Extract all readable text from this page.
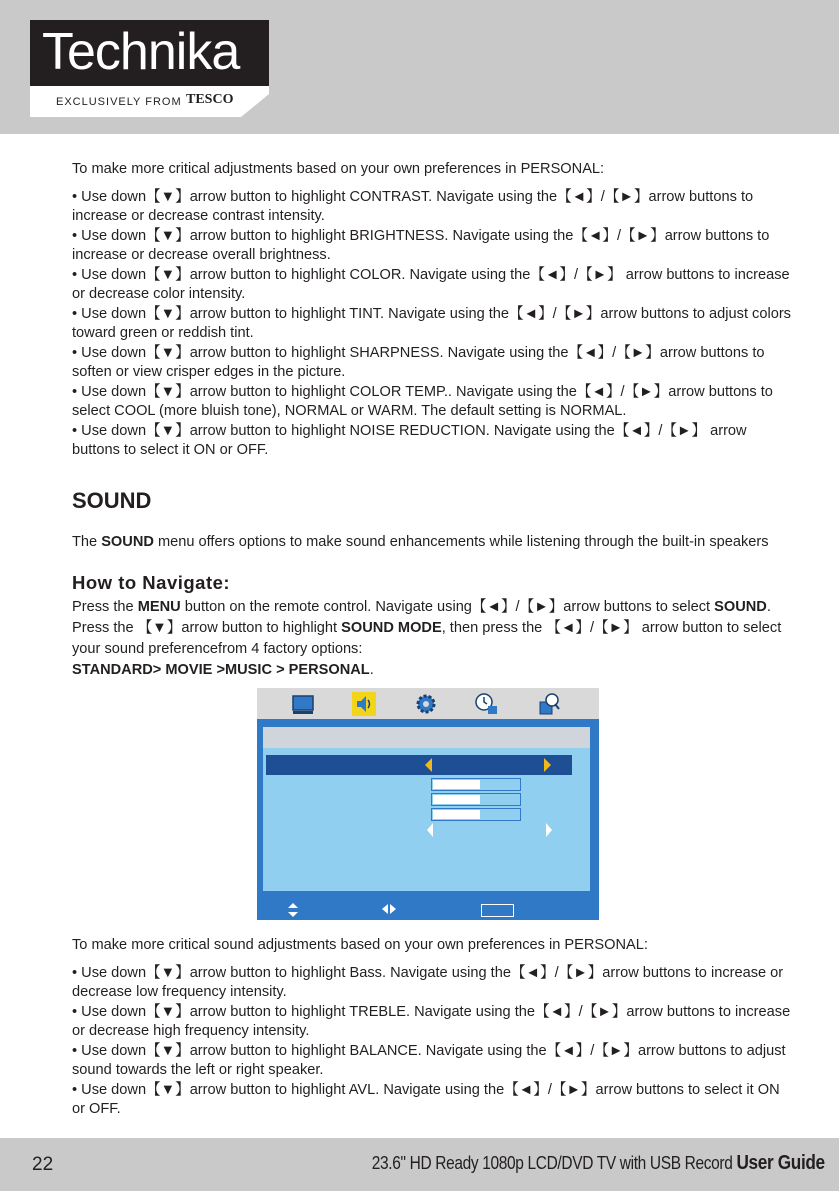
Technika
EXCLUSIVELY FROM TESCO

To make more critical adjustments based on your own preferences in PERSONAL:

• Use down【▼】arrow button to highlight CONTRAST. Navigate using the【◄】/【►】arrow buttons to increase or decrease contrast intensity.

• Use down【▼】arrow button to highlight BRIGHTNESS. Navigate using the【◄】/【►】arrow buttons to increase or decrease overall brightness.

• Use down【▼】arrow button to highlight COLOR. Navigate using the【◄】/【►】 arrow buttons to increase or decrease color intensity.

• Use down【▼】arrow button to highlight TINT. Navigate using the【◄】/【►】arrow buttons to adjust colors toward green or reddish tint.

• Use down【▼】arrow button to highlight SHARPNESS. Navigate using the【◄】/【►】arrow buttons to soften or view crisper edges in the picture.

• Use down【▼】arrow button to highlight COLOR TEMP.. Navigate using the【◄】/【►】arrow buttons to select COOL (more bluish tone), NORMAL or WARM. The default setting is NORMAL.

• Use down【▼】arrow button to highlight NOISE REDUCTION. Navigate using the【◄】/【►】 arrow buttons to select it ON or OFF.

SOUND
The SOUND menu offers options to make sound enhancements while listening through the built-in speakers
How to Navigate:
Press the MENU button on the remote control. Navigate using【◄】/【►】arrow buttons to select SOUND. Press the 【▼】arrow button to highlight SOUND MODE, then press the 【◄】/【►】 arrow button to select your sound preferencefrom 4 factory options:
STANDARD> MOVIE >MUSIC > PERSONAL.

To make more critical sound adjustments based on your own preferences in PERSONAL:

• Use down【▼】arrow button to highlight Bass. Navigate using the【◄】/【►】arrow buttons to increase or decrease low frequency intensity.

• Use down【▼】arrow button to highlight TREBLE. Navigate using the【◄】/【►】arrow buttons to increase or decrease high frequency intensity.

• Use down【▼】arrow button to highlight BALANCE. Navigate using the【◄】/【►】arrow buttons to adjust sound towards the left or right speaker.

• Use down【▼】arrow button to highlight AVL. Navigate using the【◄】/【►】arrow buttons to select it ON or OFF.

22	23.6" HD Ready 1080p LCD/DVD TV with USB Record User Guide
